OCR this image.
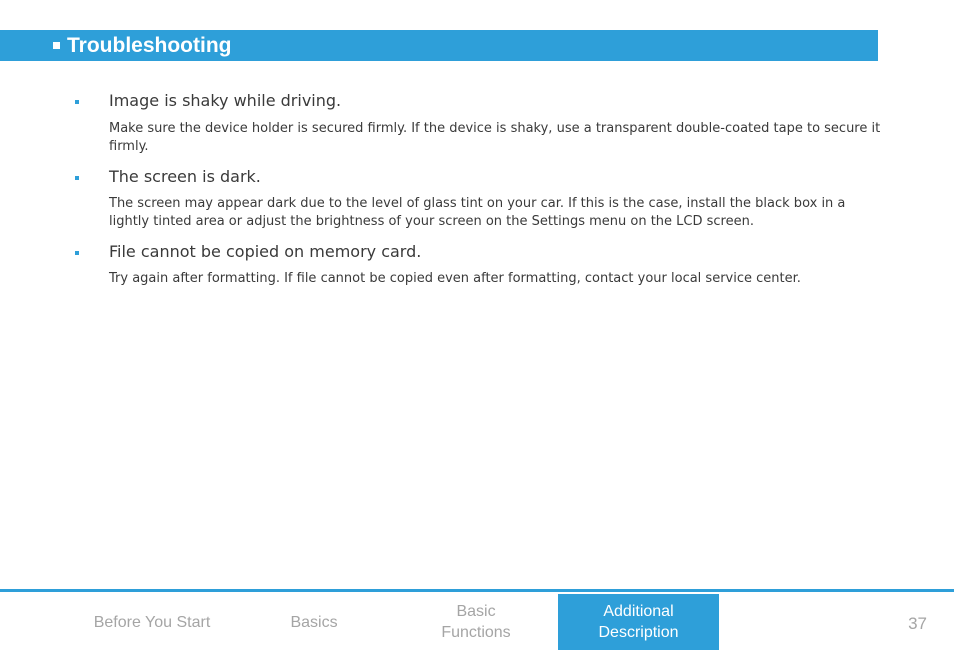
Troubleshooting
Image is shaky while driving.
Make sure the device holder is secured firmly. If the device is shaky, use a transparent double-coated tape to secure it firmly.
The screen is dark.
The screen may appear dark due to the level of glass tint on your car. If this is the case, install the black box in a lightly tinted area or adjust the brightness of your screen on the Settings menu on the LCD screen.
File cannot be copied on memory card.
Try again after formatting. If file cannot be copied even after formatting, contact your local service center.
Before You Start	Basics
Basic
Functions
Additional
Description	37
